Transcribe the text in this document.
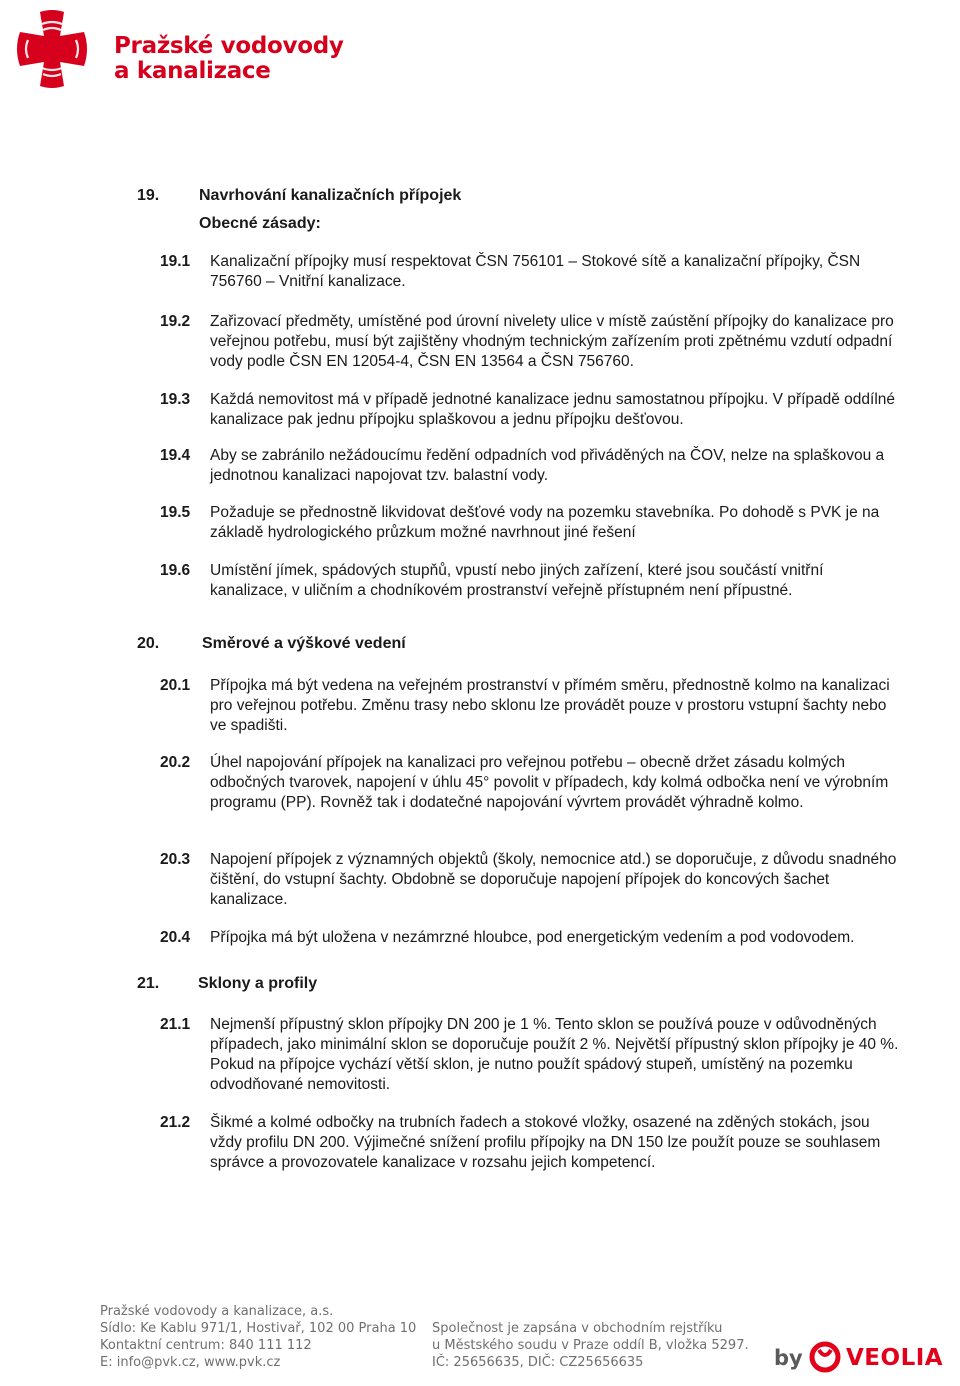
Pražské vodovody
a kanalizace
19. Navrhování kanalizačních přípojek
Obecné zásady:
19.1 Kanalizační přípojky musí respektovat ČSN 756101 – Stokové sítě a kanalizační přípojky, ČSN 756760 – Vnitřní kanalizace.
19.2 Zařizovací předměty, umístěné pod úrovní nivelety ulice v místě zaústění přípojky do kanalizace pro veřejnou potřebu, musí být zajištěny vhodným technickým zařízením proti zpětnému vzdutí odpadní vody podle ČSN EN 12054-4, ČSN EN 13564 a ČSN 756760.
19.3 Každá nemovitost má v případě jednotné kanalizace jednu samostatnou přípojku. V případě oddílné kanalizace pak jednu přípojku splaškovou a jednu přípojku dešťovou.
19.4 Aby se zabránilo nežádoucímu ředění odpadních vod přiváděných na ČOV, nelze na splaškovou a jednotnou kanalizaci napojovat tzv. balastní vody.
19.5 Požaduje se přednostně likvidovat dešťové vody na pozemku stavebníka. Po dohodě s PVK je na základě hydrologického průzkum možné navrhnout jiné řešení
19.6 Umístění jímek, spádových stupňů, vpustí nebo jiných zařízení, které jsou součástí vnitřní kanalizace, v uličním a chodníkovém prostranství veřejně přístupném není přípustné.
20.	Směrové a výškové vedení
20.1 Přípojka má být vedena na veřejném prostranství v přímém směru, přednostně kolmo na kanalizaci pro veřejnou potřebu. Změnu trasy nebo sklonu lze provádět pouze v prostoru vstupní šachty nebo ve spadišti.
20.2 Úhel napojování přípojek na kanalizaci pro veřejnou potřebu – obecně držet zásadu kolmých odbočných tvarovek, napojení v úhlu 45° povolit v případech, kdy kolmá odbočka není ve výrobním programu (PP). Rovněž tak i dodatečné napojování vývrtem provádět výhradně kolmo.
20.3 Napojení přípojek z významných objektů (školy, nemocnice atd.) se doporučuje, z důvodu snadného čištění, do vstupní šachty. Obdobně se doporučuje napojení přípojek do koncových šachet kanalizace.
20.4 Přípojka má být uložena v nezámrzné hloubce, pod energetickým vedením a pod vodovodem.
21. Sklony a profily
21.1 Nejmenší přípustný sklon přípojky DN 200 je 1 %. Tento sklon se používá pouze v odůvodněných případech, jako minimální sklon se doporučuje použít 2 %. Největší přípustný sklon přípojky je 40 %. Pokud na přípojce vychází větší sklon, je nutno použít spádový stupeň, umístěný na pozemku odvodňované nemovitosti.
21.2 Šikmé a kolmé odbočky na trubních řadech a stokové vložky, osazené na zděných stokách, jsou vždy profilu DN 200. Výjimečné snížení profilu přípojky na DN 150 lze použít pouze se souhlasem správce a provozovatele kanalizace v rozsahu jejich kompetencí.
Pražské vodovody a kanalizace, a.s.
Sídlo: Ke Kablu 971/1, Hostivař, 102 00 Praha 10
Kontaktní centrum: 840 111 112
E: info@pvk.cz, www.pvk.cz
Společnost je zapsána v obchodním rejstříku
u Městského soudu v Praze oddíl B, vložka 5297.
IČ: 25656635, DIČ: CZ25656635	by VEOLIA
